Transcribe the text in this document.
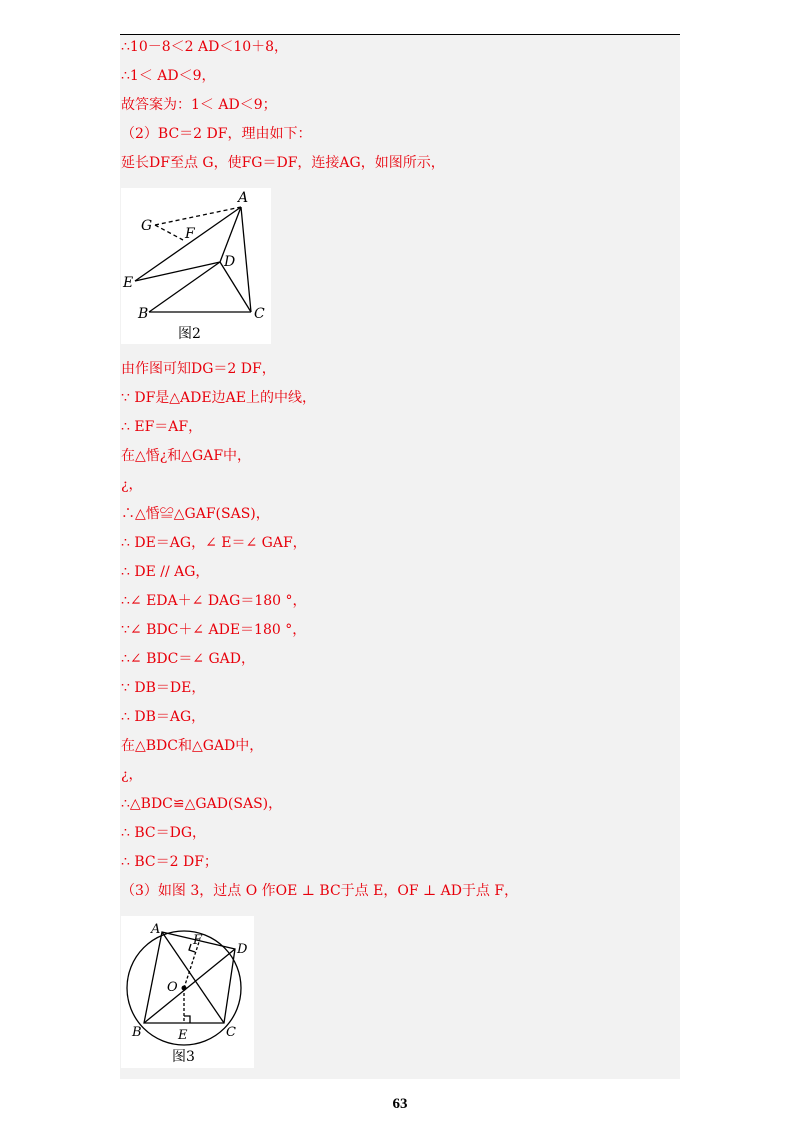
∴10－8＜2 AD＜10＋8，
∴1＜ AD＜9，
故答案为：1＜ AD＜9；
（2）BC＝2 DF，理由如下：
延长DF至点 G，使FG＝DF，连接AG，如图所示，
A
G F
D
E
B	C
图2
由作图可知DG＝2 DF，
∵ DF是△ADE边AE上的中线，
∴ EF＝AF，
在△惛¿和△GAF中，
¿，
∴△惛≌△GAF(SAS)，
∴ DE＝AG，∠ E＝∠ GAF，
∴ DE // AG，
∴∠ EDA＋∠ DAG＝180 °，
∵∠ BDC＋∠ ADE＝180 °，
∴∠ BDC＝∠ GAD，
∵ DB＝DE，
∴ DB＝AG，
在△BDC和△GAD中，
¿，
∴△BDC≌△GAD(SAS)，
∴ BC＝DG，
∴ BC＝2 DF；
（3）如图 3，过点 O 作OE ⊥ BC于点 E，OF ⊥ AD于点 F，
A
F
D
O
B	E	C
图3
63
